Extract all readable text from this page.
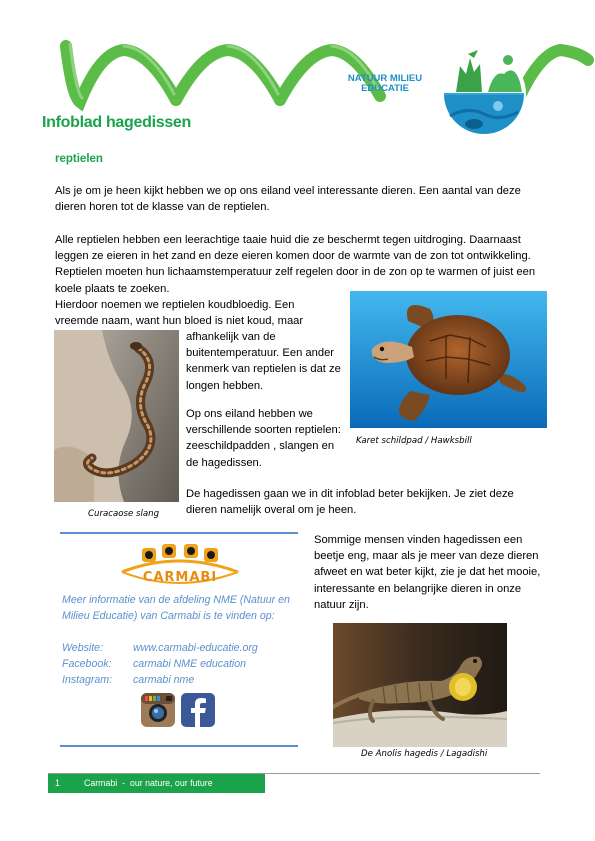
NATUUR MILIEU
EDUCATIE
Infoblad hagedissen
reptielen
Als je om je heen kijkt hebben we op ons eiland veel interessante dieren. Een aantal van deze dieren horen tot de klasse van de reptielen.
Alle reptielen hebben een leerachtige taaie huid die ze beschermt tegen uitdroging. Daarnaast leggen ze eieren in het zand en deze eieren komen door de warmte van de zon tot ontwikkeling. Reptielen moeten hun lichaamstemperatuur zelf regelen door in de zon op te warmen of juist een koele plaats te zoeken.
Hierdoor noemen we reptielen koudbloedig. Een vreemde naam, want hun bloed is niet koud, maar
afhankelijk van de buitentemperatuur. Een ander kenmerk van reptielen is dat ze longen hebben.
Op ons eiland hebben we verschillende soorten reptielen: zeeschildpadden , slangen en de hagedissen.
De hagedissen gaan we in dit infoblad beter bekijken. Je ziet deze dieren namelijk overal om je heen.
Sommige mensen vinden hagedissen een beetje eng, maar als je meer van deze dieren afweet en wat beter kijkt, zie je dat het mooie, interessante en belangrijke dieren in onze natuur zijn.
Karet schildpad / Hawksbill
Curacaose slang
CARMABI
Meer informatie van de afdeling NME (Natuur en Milieu Educatie) van Carmabi is te vinden op:
Website:	www.carmabi-educatie.org
Facebook: carmabi NME education
Instagram: carmabi nme
De Anolis hagedis / Lagadishi
1	Carmabi  -  our nature, our future
